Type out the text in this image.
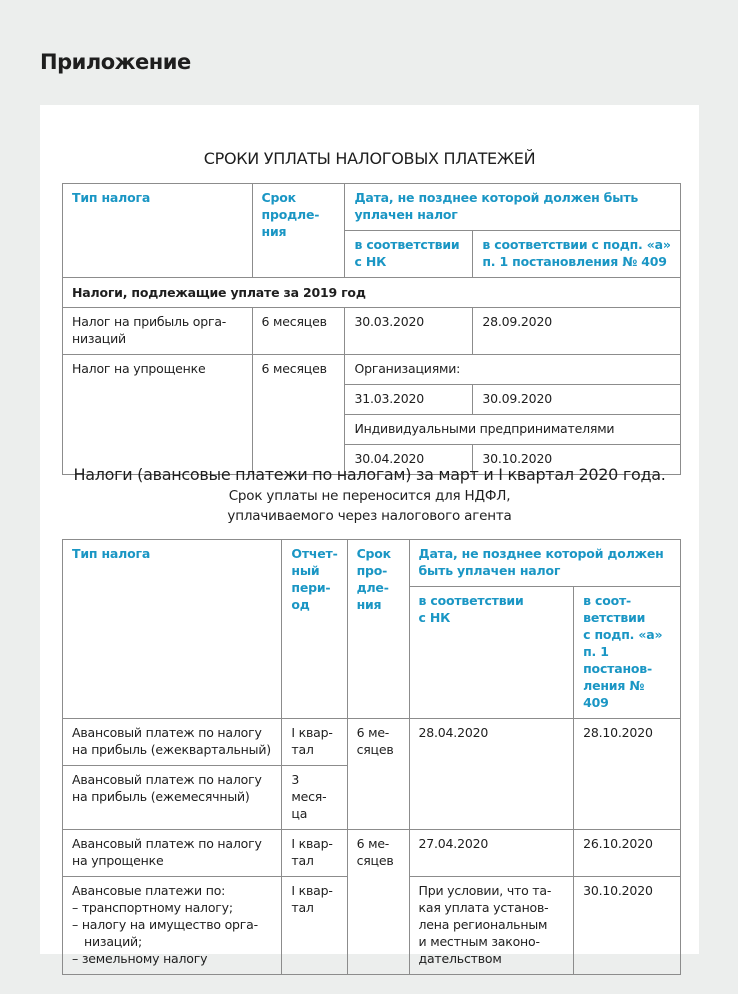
Приложение
СРОКИ УПЛАТЫ НАЛОГОВЫХ ПЛАТЕЖЕЙ
Тип налога	Срок
продле-
ния	Дата, не позднее которой должен быть уплачен налог	
		в соответствии с НК	в соответствии с подп. «а» п. 1 постановления № 409
Налоги, подлежащие уплате за 2019 год			
Налог на прибыль орга-
низаций	6 месяцев	30.03.2020	28.09.2020
Налог на упрощенке	6 месяцев	Организациями:	
		31.03.2020	30.09.2020
		Индивидуальными предпринимателями	
		30.04.2020	30.10.2020
Налоги (авансовые платежи по налогам) за март и I квартал 2020 года.
Срок уплаты не переносится для НДФЛ,
уплачиваемого через налогового агента
Тип налога	Отчет-
ный
пери-
од	Срок
про-
дле-
ния	Дата, не позднее которой должен быть уплачен налог	
			в соответствии
с НК	в соот-
ветствии
с подп. «а»
п. 1 постанов-
ления № 409
Авансовый платеж по налогу на прибыль (ежеквартальный)	I квар-
тал	6 ме-
сяцев	28.04.2020	28.10.2020
Авансовый платеж по налогу на прибыль (ежемесячный)	3 меся-
ца			
Авансовый платеж по налогу на упрощенке	I квар-
тал	6 ме-
сяцев	27.04.2020	26.10.2020

Авансовые платежи по:
– транспортному налогу;
– налогу на имущество орга-
низаций;
– земельному налогу
	I квар-
тал	При условии, что та-
кая уплата установ-
лена региональным
и местным законо-
дательством	30.10.2020
